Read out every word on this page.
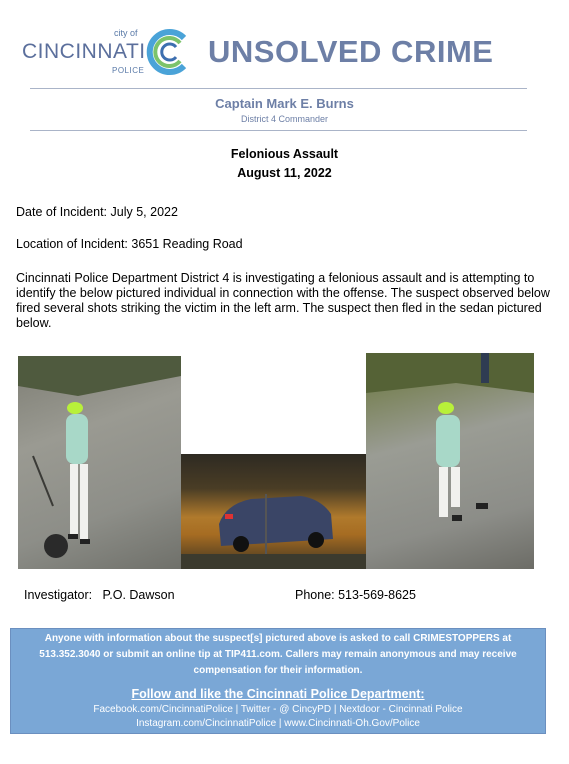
city of
CINCINNATI
POLICE
UNSOLVED CRIME
Captain Mark E. Burns
District 4 Commander
Felonious Assault
August 11, 2022
Date of Incident: July 5, 2022
Location of Incident: 3651 Reading Road
Cincinnati Police Department District 4 is investigating a felonious assault and is attempting to identify the below pictured individual in connection with the offense. The suspect observed below fired several shots striking the victim in the left arm. The suspect then fled in the sedan pictured below.
Investigator: P.O. Dawson	Phone: 513-569-8625
Anyone with information about the suspect[s] pictured above is asked to call CRIMESTOPPERS at 513.352.3040 or submit an online tip at TIP411.com. Callers may remain anonymous and may receive compensation for their information.
Follow and like the Cincinnati Police Department:
Facebook.com/CincinnatiPolice | Twitter - @ CincyPD | Nextdoor - Cincinnati Police
Instagram.com/CincinnatiPolice | www.Cincinnati-Oh.Gov/Police
